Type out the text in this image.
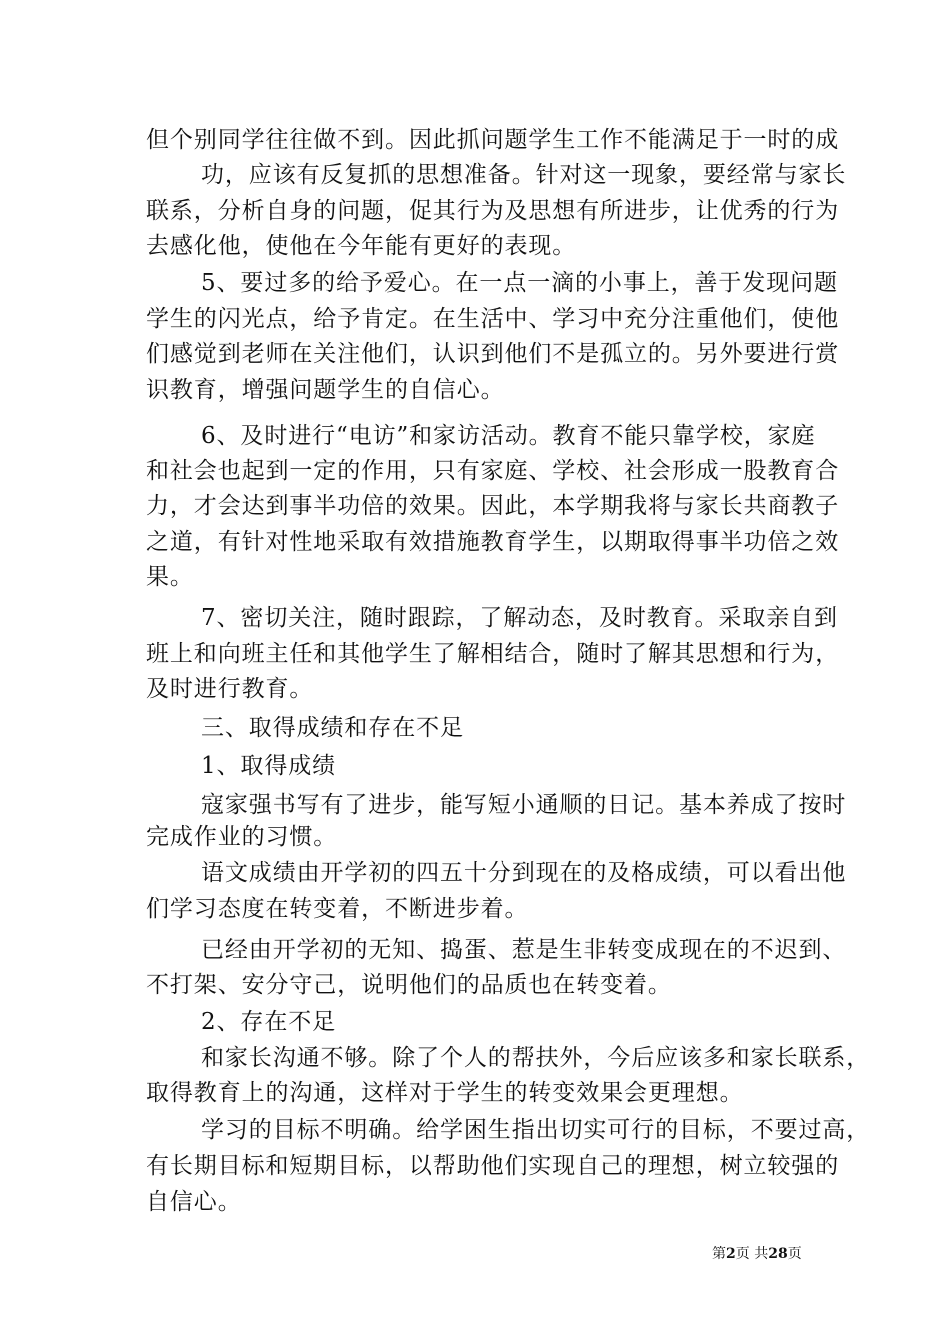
但个别同学往往做不到。因此抓问题学生工作不能满足于一时的成
功，应该有反复抓的思想准备。针对这一现象，要经常与家长
联系，分析自身的问题，促其行为及思想有所进步，让优秀的行为
去感化他，使他在今年能有更好的表现。
5、要过多的给予爱心。在一点一滴的小事上，善于发现问题
学生的闪光点，给予肯定。在生活中、学习中充分注重他们，使他
们感觉到老师在关注他们，认识到他们不是孤立的。另外要进行赏
识教育，增强问题学生的自信心。
6、及时进行“电访”和家访活动。教育不能只靠学校，家庭
和社会也起到一定的作用，只有家庭、学校、社会形成一股教育合
力，才会达到事半功倍的效果。因此，本学期我将与家长共商教子
之道，有针对性地采取有效措施教育学生，以期取得事半功倍之效
果。
7、密切关注，随时跟踪，了解动态，及时教育。采取亲自到
班上和向班主任和其他学生了解相结合，随时了解其思想和行为，
及时进行教育。
三、取得成绩和存在不足
1、取得成绩
寇家强书写有了进步，能写短小通顺的日记。基本养成了按时
完成作业的习惯。
语文成绩由开学初的四五十分到现在的及格成绩，可以看出他
们学习态度在转变着，不断进步着。
已经由开学初的无知、捣蛋、惹是生非转变成现在的不迟到、
不打架、安分守己，说明他们的品质也在转变着。
2、存在不足
和家长沟通不够。除了个人的帮扶外，今后应该多和家长联系，
取得教育上的沟通，这样对于学生的转变效果会更理想。
学习的目标不明确。给学困生指出切实可行的目标，不要过高，
有长期目标和短期目标，以帮助他们实现自己的理想，树立较强的
自信心。
第2页 共28页
